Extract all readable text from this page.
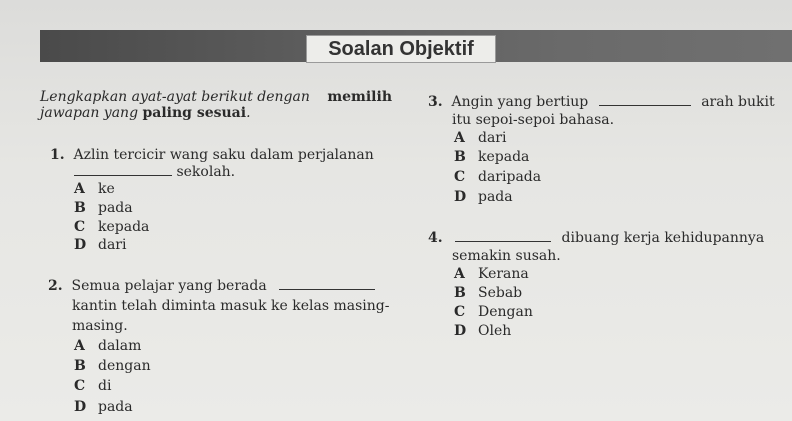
Soalan Objektif
Lengkapkan ayat-ayat berikut dengan memilih
jawapan yang paling sesuai.
1. Azlin tercicir wang saku dalam perjalanan
sekolah.
A ke
B pada
C kepada
D dari
2. Semua pelajar yang berada
kantin telah diminta masuk ke kelas masing-
masing.
A dalam
B dengan
C di
D pada
3. Angin yang bertiup	arah bukit
itu sepoi-sepoi bahasa.
A dari
B kepada
C daripada
D pada
4.	dibuang kerja kehidupannya
semakin susah.
A Kerana
B Sebab
C Dengan
D Oleh
